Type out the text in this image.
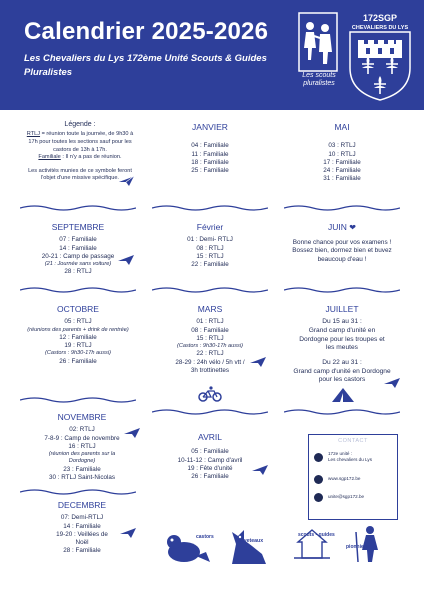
Calendrier 2025-2026
Les Chevaliers du Lys 172ème Unité Scouts & Guides Pluralistes	Les scouts pluralistes
172SGP
CHEVALIERS DU LYS
Légende :
RTLJ = réunion toute la journée, de 9h30 à 17h pour toutes les sections sauf pour les castors de 13h à 17h.
Familiale : Il n'y a pas de réunion.
Les activités munies de ce symbole feront l'objet d'une missive spécifique.
JANVIER
04 : Familiale
11 : Familiale
18 : Familiale
25 : Familiale
MAI
03 : RTLJ
10 : RTLJ
17 : Familiale
24 : Familiale
31 : Familiale
SEPTEMBRE
07 : Familiale
14 : Familiale
20-21 : Camp de passage
(21 : Journée sans voiture)
28 : RTLJ
Février
01 : Demi- RTLJ
08 : RTLJ
15 : RTLJ
22 : Familiale
JUIN ❤
Bonne chance pour vos examens ! Bossez bien, dormez bien et buvez beaucoup d'eau !
OCTOBRE
05 : RTLJ
(réunions des parents + drink de rentrée)
12 : Familiale
19 : RTLJ
(Castors : 9h30-17h aussi)
26 : Familiale
MARS
01 : RTLJ
08 : Familiale
15 : RTLJ
(Castors : 9h30-17h aussi)
22 : RTLJ
28-29 : 24h vélo / 5h vtt /
3h trottinettes
JUILLET
Du 15 au 31 :
Grand camp d'unité en Dordogne pour les troupes et les meutes
Du 22 au 31 :
Grand camp d'unité en Dordogne pour les castors
NOVEMBRE
02: RTLJ
7-8-9 : Camp de novembre
16 : RTLJ
(réunion des parents sur la Dordogne)
23 : Familiale
30 : RTLJ Saint-Nicolas
AVRIL
05 : Familiale
10-11-12 : Camp d'avril
19 : Fête d'unité
26 : Familiale
DECEMBRE
07: Demi-RTLJ
14 : Familiale
19-20 : Veillées de
Noël
28 : Familiale
CONTACT
172e unité :
Les chevaliers du Lys
www.sgp172.be
unite@sgp172.be
castors
louveteaux
scouts • guides
pionniers
